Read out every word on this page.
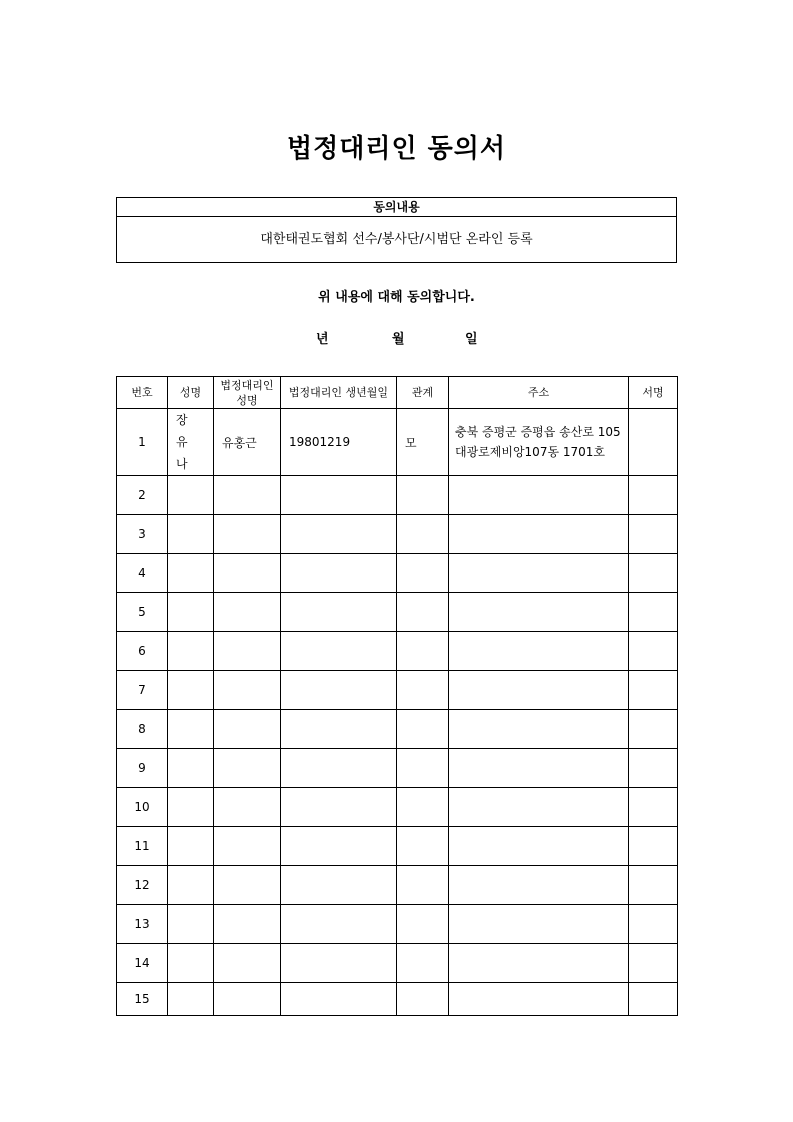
법정대리인 동의서
동의내용
대한태권도협회 선수/봉사단/시범단 온라인 등록
위 내용에 대해 동의합니다.
년	월	일
번호	성명	법정대리인 성명	법정대리인 생년월일	관계	주소	서명
1	장 유 나	유홍근	19801219	모	충북 증평군 증평읍 송산로 105 대광로제비앙107동 1701호	
2						
3						
4						
5						
6						
7						
8						
9						
10						
11						
12						
13						
14						
15						
